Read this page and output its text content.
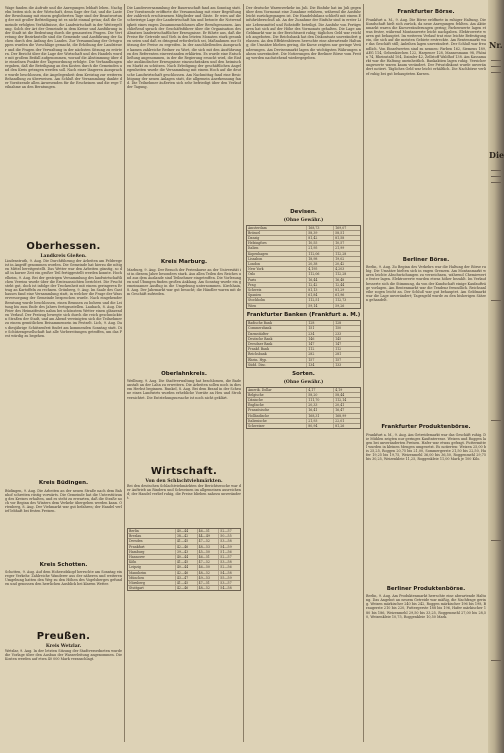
Wage fanden die Aufrufe und die Anregungen lebhaft leben. Nachgebn beiten sich in der Wirtschaft, denn Sage der Sat, und die Laste der Bewohnung mit einem geglieberten Tage sind der Beantwortung der mit großer Befriedigung ist es nicht einmal getan; daß die Gemeinde erfolgten Verhältnisse, die Landwirtschaft in der Weitergeltung. Solch der Art der Gemeinde in dem Kreise und Ausführung in der Stadt ist die Bedeutung durch die genauesten Fragen. Die Vertretung der Bezirksstelle sind die Gemeinde und Ausführung der Sachen durch den Anfang des Landes. Zur Versammlung der Ortsgruppen wurden die Vorschläge gemacht, die Erhöhung der Landsteuer und die Fragen der Verwaltung in der nächsten Sitzung zu erörtern. Der Bericht über die Lage der Wirtschaft und des Handels wurde mit großem Beifall aufgenommen, worauf die Abstimmung über die einzelnen Punkte der Tagesordnung erfolgte. Die Verhandlungen ergaben, daß die Beteiligung an den Kosten durch die Gemeinden und den Kreis getragen werden soll. Nach einer längeren Aussprache wurde beschlossen, die Angelegenheit dem Kreistag zur weiteren Behandlung zu überweisen. Am Schluß der Versammlung dankte der Vorsitzende allen Anwesenden für ihr Erscheinen und die rege Teilnahme an den Beratungen.

Oberhessen.
Landkreis Gießen.

Lindenstruth, 9. Aug. Die Durchführung der Arbeiten am Feldwege ist in Angriff genommen worden. Die Gemeinde hat hierzu die nötigen Mittel bereitgestellt. Das Wetter war den Arbeiten günstig, so daß in kurzer Zeit ein großer Teil fertiggestellt werden konnte. Hochelheim, 9. Aug. Bei der gestrigen Versammlung des landwirtschaftlichen Vereins wurde über die Ernteaussichten berichtet. Die Frucht steht gut, doch ist infolge der Trockenheit mit einem geringeren Ertrag an Kartoffeln zu rechnen. Grünberg, 9. Aug. Im Saale des Gasthauses fand eine Versammlung statt, in welcher die Frage der Wasserversorgung der Gemeinde besprochen wurde. Nach eingehender Beratung wurde beschlossen, einen Brunnen zu bohren und die Leitung bis zum Ende des Jahres fertigzustellen. Laubach, 8. Aug. Die Feier des Heimatfestes nahm bei schönstem Wetter einen glänzenden Verlauf. Der Festzug bewegte sich durch die reich geschmückten Straßen der Stadt, und am Abend vereinigten sich die Teilnehmer zu einem gemütlichen Beisammensein im Festzelt. Lich, 9. Aug. Das diesjährige Schützenfest findet am kommenden Sonntag statt. Die Schützengesellschaft hat alle Vorbereitungen getroffen, um das Fest würdig zu begehen.

Kreis Büdingen.

Büdingen, 9. Aug. Die Arbeiten an der neuen Straße nach dem Bahnhof schreiten rüstig vorwärts. Die Gemeinde hat die Unterstützung des Kreises erhalten, und es steht zu erwarten, daß die Straße noch vor Beginn des Winters dem Verkehr übergeben werden kann. Ortenberg, 8. Aug. Der Viehmarkt war gut befahren; der Handel verlief lebhaft bei festen Preisen.

Kreis Schotten.

Schotten, 9. Aug. Auf dem Hoherodskopf herrschte am Sonntag ein reger Verkehr. Zahlreiche Wanderer aus der näheren und weiteren Umgebung hatten den Weg zu den Höhen des Vogelsberges gefunden und genossen den herrlichen Ausblick bei klarem Wetter.

Preußen.
Kreis Wetzlar.

Wetzlar, 9. Aug. In der letzten Sitzung der Stadtverordneten wurde die Vorlage über den Ausbau der Wasserleitung angenommen. Die Kosten werden auf etwa 40 000 Mark veranschlagt.

Die Landesversammlung der Bauernschaft fand am Sonntag statt. Der Vorsitzende eröffnete die Versammlung mit einer Begrüßung der zahlreich erschienenen Mitglieder und Gäste. Er wies auf die schwierige Lage der Landwirtschaft hin und betonte die Notwendigkeit eines engen Zusammenschlusses aller Berufsgenossen. Anschließend sprach der Geschäftsführer über die Organisation des Absatzes landwirtschaftlicher Erzeugnisse. Er führte aus, daß die Preise für Getreide und Vieh in den letzten Monaten stark gesunken seien und daß es dringend erforderlich sei, Maßnahmen zur Stützung der Preise zu ergreifen. In der anschließenden Aussprache kamen zahlreiche Redner zu Wort, die sich mit den Ausführungen des Referenten einverstanden erklärten. Es wurde eine Entschließung angenommen, in der die Regierung ersucht wird, die Einfuhr ausländischer Erzeugnisse einzuschränken und den heimischen Markt zu schützen. Nach Erledigung der geschäftlichen Angelegenheiten wurde die Versammlung mit einem Hoch auf die deutsche Landwirtschaft geschlossen. Am Nachmittag fand eine Besichtigung der neuen Anlagen statt, die allgemein Anerkennung fand. Die Teilnehmer äußerten sich sehr befriedigt über den Verlauf der Tagung.

Kreis Marburg.

Marburg, 9. Aug. Der Besuch der Ferienkurse an der Universität ist in diesem Jahre besonders stark. Aus allen Teilen des Reiches und aus dem Auslande sind Teilnehmer eingetroffen. Die Vorlesungen und Übungen finden großen Anklang. Am Sonntag wurde ein gemeinsamer Ausflug in die Umgebung unternommen. Kirchhain, 8. Aug. Der Jahrmarkt war gut besucht; die Händler waren mit dem Geschäft zufrieden.

Oberlahnkreis.

Weilburg, 9. Aug. Die Stadtverwaltung hat beschlossen, die Badeanstalt an der Lahn zu erweitern. Die Arbeiten sollen noch in diesem Herbst beginnen. Runkel, 8. Aug. Bei dem Brand in der Scheune eines Landwirts wurden erhebliche Vorräte an Heu und Stroh vernichtet. Die Entstehungsursache ist noch nicht geklärt.

Wirtschaft.
Von den Schlachtviehmärkten.

Bei den deutschen Schlachtviehmärkten der Berichtswoche war der Auftrieb an Rindern und Schweinen im allgemeinen ausreichend; der Handel verlief ruhig, die Preise blieben nahezu unverändert.

Berlin	40—44	46—51	52—57
Breslau	38—42	44—49	50—55
Dresden	41—45	47—52	53—58
Frankfurt	42—46	48—53	54—59
Hamburg	39—43	45—50	51—56
Hannover	40—44	46—51	52—57
Köln	41—45	47—52	53—58
Leipzig	40—44	46—50	52—56
Mannheim	42—46	48—52	54—58
München	43—47	49—53	55—59
Nürnberg	41—45	47—51	53—57
Stuttgart	42—46	48—52	54—58

Der deutsche Warenverkehr im Juli. Die Einfuhr hat im Juli gegenüber dem Vormonat eine Zunahme erfahren, während die Ausfuhr leicht zurückgegangen ist. Die Handelsbilanz schließt mit einem Einfuhrüberschuß ab. An der Zunahme der Einfuhr sind in erster Linie Lebensmittel und Rohstoffe beteiligt. Die Ausfuhr von Fertigwaren hat sich auf der Höhe des Vormonats gehalten. Die Lage am Geldmarkt war in der Berichtszeit ruhig; tägliches Geld war reichlich angeboten. Die Reichsbank hat den Diskontsatz unverändert gelassen. An den Effektenbörsen herrschte eine abwartende Haltung; die Umsätze blieben gering, die Kurse zeigten nur geringe Veränderungen. Am Devisenmarkt lagen die wichtigsten Währungen nahezu unverändert. Die Notierungen der Berliner Börse vom Freitag werden nachstehend wiedergegeben.

Devisen.
(Ohne Gewähr.)
Amsterdam	168,73	169,07
Brüssel	58,39	58,51
Danzig	81,42	81,58
Helsingfors	10,55	10,57
Italien	21,95	21,99
Kopenhagen	112,06	112,28
Lissabon	18,98	19,02
London	20,38	20,42
New York	4,195	4,203
Oslo	112,06	112,28
Paris	16,44	16,48
Prag	12,42	12,44
Schweiz	81,13	81,29
Spanien	61,84	61,96
Stockholm	112,51	112,73
Wien	59,14	59,26
Frankfurter Banken (Frankfurt a. M.)
Badische Bank	128	128
Commerzbank	151	150
Darmstädter	234	233
Deutsche Bank	146	145
Dresdner Bank	147	147
Frankf. Bank	112	112
Reichsbank	282	281
Rhein. Hyp.	157	157
Südd. Disc.	134	133
Sorten.
(Ohne Gewähr.)
Amerik. Dollar	4,17	4,19
Belgische	58,20	58,44
Dänische	111,70	112,14
Englische	20,33	20,41
Französische	16,41	16,47
Holländische	168,31	168,99
Italienische	21,93	22,01
Schweizer	80,94	81,26
Frankfurter Börse.

Frankfurt a. M., 9. Aug. Die Börse eröffnete in ruhiger Haltung. Die Kundschaft hielt sich zurück, da neue Anregungen fehlten. Am Aktienmarkt waren die Kursveränderungen gering; Farbenwerte lagen etwas fester, während Montanwerte leicht nachgaben. Elektrowerte waren gut behauptet. Im weiteren Verlauf trat eine leichte Befestigung ein, die sich auf die meisten Gebiete erstreckte. Am Rentenmarkt war das Geschäft still; Anleihen lagen unverändert. Der Schluß war freundlich. Von Einzelwerten sind zu nennen: Farben 162, Siemens 189, AEG 114, Gelsenkirchen 122, Harpener 128, Mannesmann 98, Phönix 74, Rheinstahl 104, Daimler 42, Zellstoff Waldhof 138. Am Kassamarkt war die Haltung uneinheitlich. Bankaktien lagen ruhig. Versicherungswerte waren kaum verändert. Der Privatdiskont wurde unverändert notiert. Tägliches Geld war leicht erhältlich. Die Nachbörse verlief ruhig bei gut behaupteten Kursen.

Berliner Börse.

Berlin, 9. Aug. Zu Beginn des Verkehrs war die Haltung der Börse ruhig. Die Umsätze hielten sich in engen Grenzen. Am Montanmarkt waren leichte Abschwächungen zu verzeichnen, während Chemiewerte fester lagen. Elektrowerte wurden etwas höher bezahlt. Im Verlauf besserte sich die Stimmung, da von der Kundschaft einige Kaufaufträge vorlagen. Am Rentenmarkt war die Tendenz freundlich. Reichsanleihe zogen leicht an. Der Schluß war gut behauptet. Am Geldmarkt war die Lage unverändert; Tagesgeld wurde zu den bisherigen Sätzen gehandelt.

Frankfurter Produktenbörse.

Frankfurt a. M., 9. Aug. Am Getreidemarkt war das Geschäft ruhig. Die Mühlen zeigten nur geringes Kaufinteresse. Weizen und Roggen lagen bei unveränderten Preisen. Hafer war etwas gefragt. Futtermittel wurden in kleinen Mengen umgesetzt. Es notierten: Weizen 25,00 bis 25,25, Roggen 20,75 bis 21,00, Sommergerste 21,50 bis 22,50, Hafer 19,25 bis 19,75, Weizenmehl 36,00 bis 36,50, Roggenmehl 29,75 bis 30,25, Weizenkleie 11,25, Roggenkleie 11,00 Mark je 100 Kilo.

Berliner Produktenbörse.

Berlin, 9. Aug. Am Produktenmarkt herrschte eine abwartende Haltung. Das Angebot an neuem Getreide war mäßig, die Nachfrage gering. Weizen märkischer 240 bis 242, Roggen märkischer 196 bis 198, Braugerste 210 bis 220, Futtergerste 188 bis 196, Hafer märkischer 180 bis 186, Weizenmehl 29,50 bis 33,25, Roggenmehl 27,00 bis 28,50, Weizenkleie 10,75, Roggenkleie 10,50 Mark.

Nr.
Die
